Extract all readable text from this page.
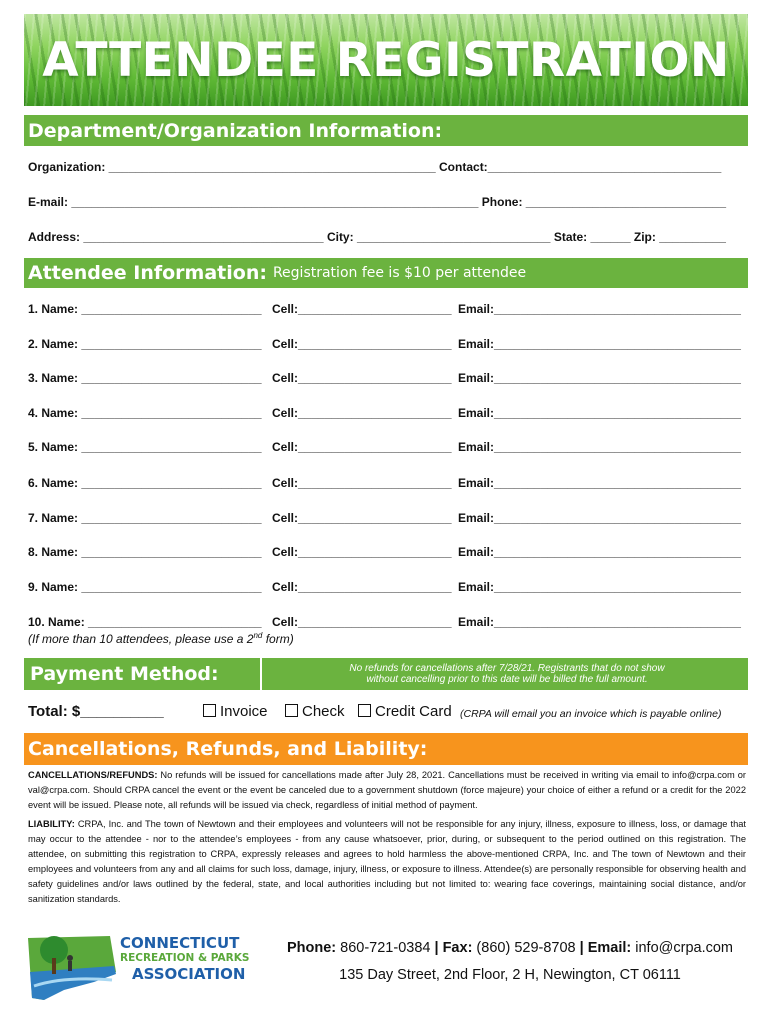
ATTENDEE REGISTRATION
Department/Organization Information:
Organization: _________________________________________________ Contact:___________________________________
E-mail: _____________________________________________________________ Phone: ______________________________
Address: ____________________________________ City: _____________________________ State: ______ Zip: __________
Attendee Information: Registration fee is $10 per attendee
1. Name: ___________________________ Cell:_______________________ Email:_____________________________________
2. Name: ___________________________ Cell:_______________________ Email:_____________________________________
3. Name: ___________________________ Cell:_______________________ Email:_____________________________________
4. Name: ___________________________ Cell:_______________________ Email:_____________________________________
5. Name: ___________________________ Cell:_______________________ Email:_____________________________________
6. Name: ___________________________ Cell:_______________________ Email:_____________________________________
7. Name: ___________________________ Cell:_______________________ Email:_____________________________________
8. Name: ___________________________ Cell:_______________________ Email:_____________________________________
9. Name: ___________________________ Cell:_______________________ Email:_____________________________________
10. Name: __________________________ Cell:_______________________ Email:_____________________________________
(If more than 10 attendees, please use a 2nd form)
Payment Method:	No refunds for cancellations after 7/28/21. Registrants that do not show
without cancelling prior to this date will be billed the full amount.
Total: $__________	Invoice	Check	Credit Card (CRPA will email you an invoice which is payable online)
Cancellations, Refunds, and Liability:
CANCELLATIONS/REFUNDS: No refunds will be issued for cancellations made after July 28, 2021. Cancellations must be received in writing via email to info@crpa.com or val@crpa.com. Should CRPA cancel the event or the event be canceled due to a government shutdown (force majeure) your choice of either a refund or a credit for the 2022 event will be issued. Please note, all refunds will be issued via check, regardless of initial method of payment.
LIABILITY: CRPA, Inc. and The town of Newtown and their employees and volunteers will not be responsible for any injury, illness, exposure to illness, loss, or damage that may occur to the attendee - nor to the attendee’s employees - from any cause whatsoever, prior, during, or subsequent to the period outlined on this registration. The attendee, on submitting this registration to CRPA, expressly releases and agrees to hold harmless the above-mentioned CRPA, Inc. and The town of Newtown and their employees and volunteers from any and all claims for such loss, damage, injury, illness, or exposure to illness. Attendee(s) are personally responsible for observing health and safety guidelines and/or laws outlined by the federal, state, and local authorities including but not limited to: wearing face coverings, maintaining social distance, and/or sanitization standards.
CONNECTICUT
RECREATION & PARKS
ASSOCIATION
Phone: 860-721-0384 | Fax: (860) 529-8708 | Email: info@crpa.com
135 Day Street, 2nd Floor, 2 H, Newington, CT 06111
